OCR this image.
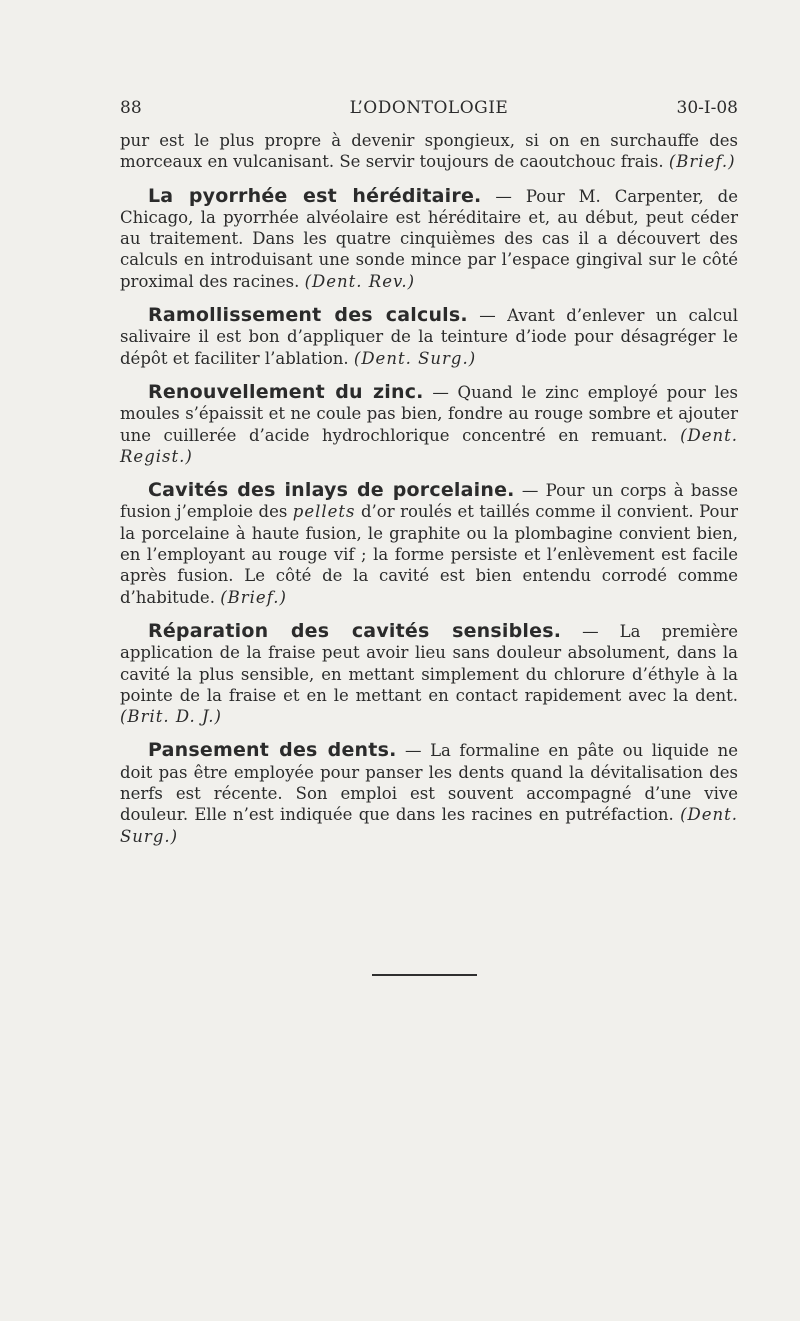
88	L’ODONTOLOGIE	30-I-08

pur est le plus propre à devenir spongieux, si on en surchauffe des morceaux en vulcanisant. Se servir toujours de caoutchouc frais. (Brief.)

La pyorrhée est héréditaire. — Pour M. Carpenter, de Chicago, la pyorrhée alvéolaire est héréditaire et, au début, peut céder au traitement. Dans les quatre cinquièmes des cas il a découvert des calculs en introduisant une sonde mince par l’espace gingival sur le côté proximal des racines. (Dent. Rev.)

Ramollissement des calculs. — Avant d’enlever un calcul salivaire il est bon d’appliquer de la teinture d’iode pour désagréger le dépôt et faciliter l’ablation. (Dent. Surg.)

Renouvellement du zinc. — Quand le zinc employé pour les moules s’épaissit et ne coule pas bien, fondre au rouge sombre et ajouter une cuillerée d’acide hydrochlorique concentré en remuant. (Dent. Regist.)

Cavités des inlays de porcelaine. — Pour un corps à basse fusion j’emploie des pellets d’or roulés et taillés comme il convient. Pour la porcelaine à haute fusion, le graphite ou la plombagine convient bien, en l’employant au rouge vif ; la forme persiste et l’enlèvement est facile après fusion. Le côté de la cavité est bien entendu corrodé comme d’habitude. (Brief.)

Réparation des cavités sensibles. — La première application de la fraise peut avoir lieu sans douleur absolument, dans la cavité la plus sensible, en mettant simplement du chlorure d’éthyle à la pointe de la fraise et en le mettant en contact rapidement avec la dent. (Brit. D. J.)

Pansement des dents. — La formaline en pâte ou liquide ne doit pas être employée pour panser les dents quand la dévitalisation des nerfs est récente. Son emploi est souvent accompagné d’une vive douleur. Elle n’est indiquée que dans les racines en putréfaction. (Dent. Surg.)
